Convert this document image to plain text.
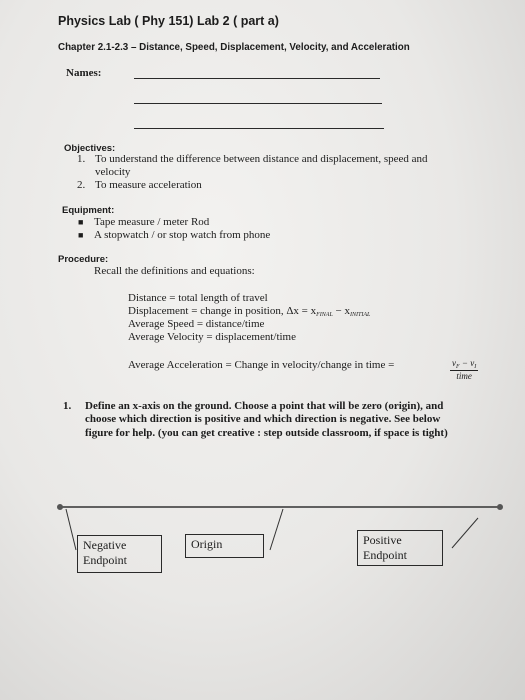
Physics Lab ( Phy 151) Lab 2 ( part a)
Chapter 2.1-2.3 – Distance, Speed, Displacement, Velocity, and Acceleration
Names:
Objectives:
1. To understand the difference between distance and displacement, speed and
velocity
2. To measure acceleration
Equipment:
■ Tape measure / meter Rod
■ A stopwatch / or stop watch from phone
Procedure:
Recall the definitions and equations:
Distance = total length of travel
Displacement = change in position, $\Delta x = x_{FINAL} - x_{INITIAL}$
Average Speed = distance/time
Average Velocity = displacement/time
Average Acceleration = Change in velocity/change in time =	$v_F - v_I$
time
1. Define an x-axis on the ground. Choose a point that will be zero (origin), and
choose which direction is positive and which direction is negative. See below
figure for help. (you can get creative : step outside classroom, if space is tight)
Negative
Endpoint
Origin	Positive
Endpoint
